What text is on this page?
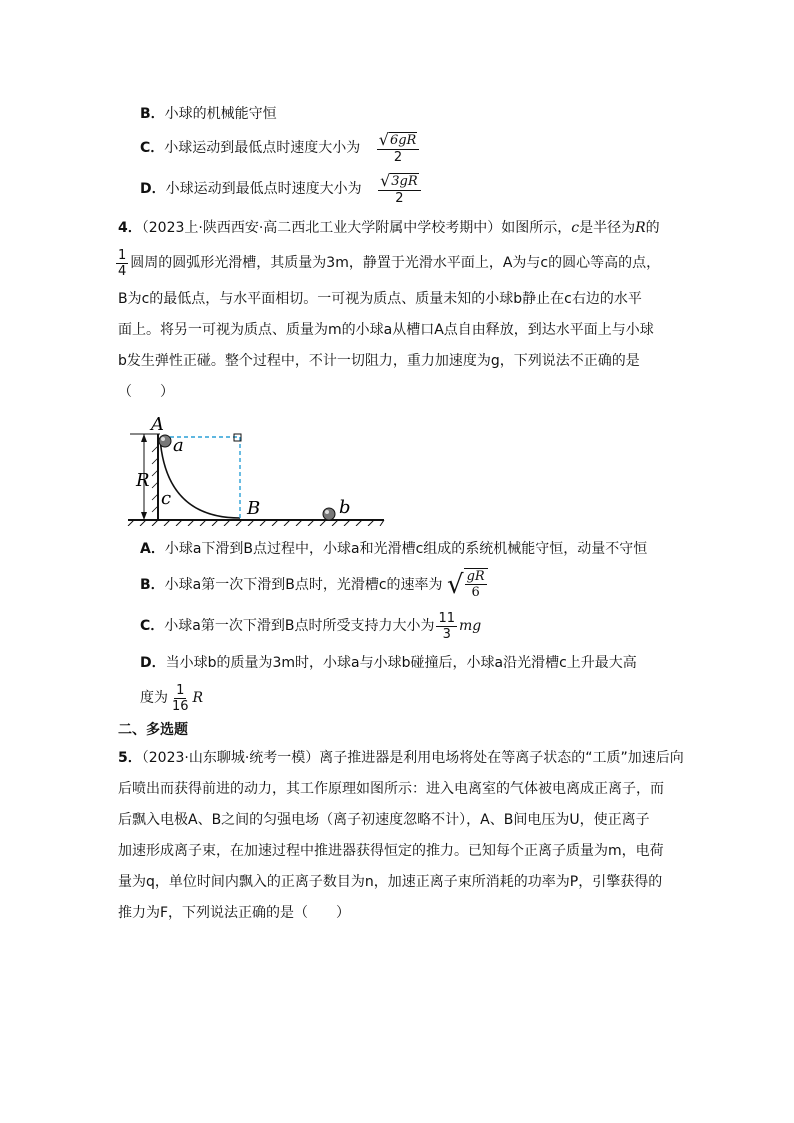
B．小球的机械能守恒
C．小球运动到最低点时速度大小为 $\frac{√ 6gR}{2}$
D．小球运动到最低点时速度大小为 $\frac{√ 3gR}{2}$
4．（2023上·陕西西安·高二西北工业大学附属中学校考期中）如图所示，c是半径为R的
$\frac{1}{4}$ 圆周的圆弧形光滑槽，其质量为3m，静置于光滑水平面上，A为与c的圆心等高的点，
B为c的最低点，与水平面相切。一可视为质点、质量未知的小球b静止在c右边的水平
面上。将另一可视为质点、质量为m的小球a从槽口A点自由释放，到达水平面上与小球
b发生弹性正碰。整个过程中，不计一切阻力，重力加速度为g，下列说法不正确的是
（　　）
A
a
R
c	B	b
A．小球a下滑到B点过程中，小球a和光滑槽c组成的系统机械能守恒，动量不守恒
B．小球a第一次下滑到B点时，光滑槽c的速率为 √ $\frac{gR}{6}$
C．小球a第一次下滑到B点时所受支持力大小为 $\frac{11}{3}$ mg
D．当小球b的质量为3m时，小球a与小球b碰撞后，小球a沿光滑槽c上升最大高
度为 $\frac{1}{16}$ R
二、多选题
5．（2023·山东聊城·统考一模）离子推进器是利用电场将处在等离子状态的“工质”加速后向
后喷出而获得前进的动力，其工作原理如图所示：进入电离室的气体被电离成正离子，而
后飘入电极A、B之间的匀强电场（离子初速度忽略不计），A、B间电压为U，使正离子
加速形成离子束，在加速过程中推进器获得恒定的推力。已知每个正离子质量为m，电荷
量为q，单位时间内飘入的正离子数目为n，加速正离子束所消耗的功率为P，引擎获得的
推力为F，下列说法正确的是（　　）
